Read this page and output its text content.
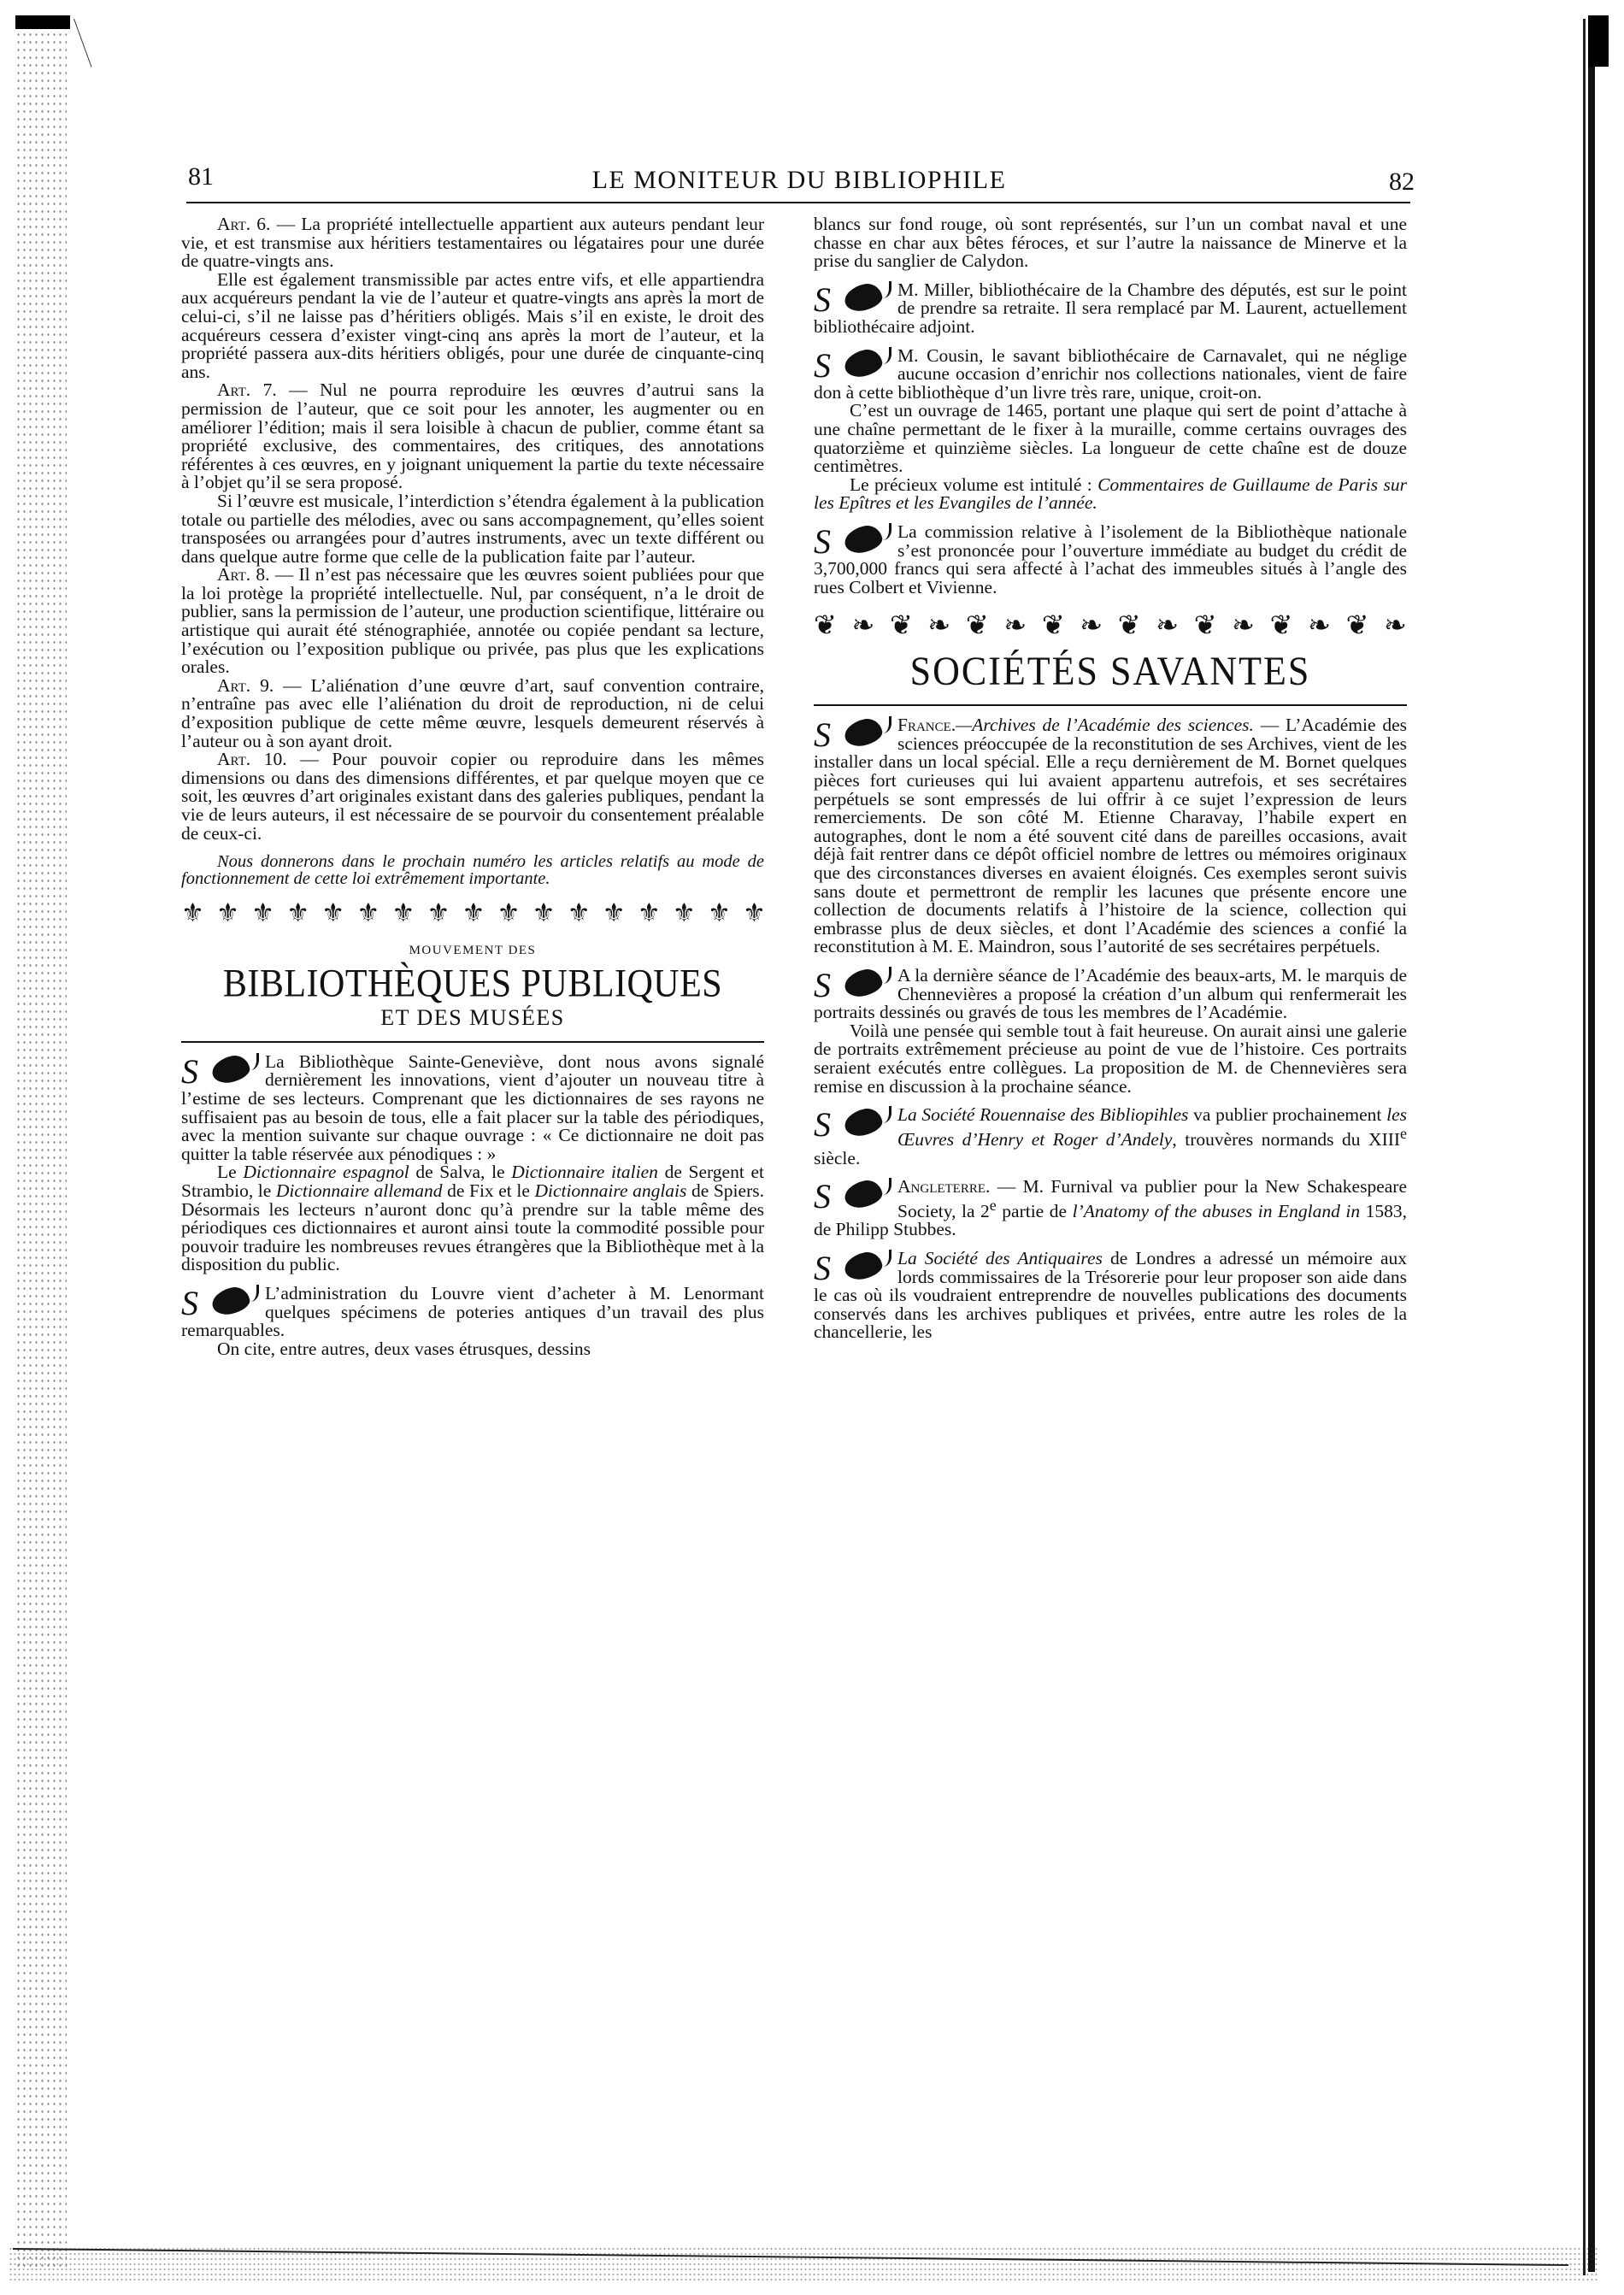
81	LE MONITEUR DU BIBLIOPHILE	82

Art. 6. — La propriété intellectuelle appartient aux auteurs pendant leur vie, et est transmise aux héritiers testamentaires ou légataires pour une durée de quatre-vingts ans.

Elle est également transmissible par actes entre vifs, et elle appartiendra aux acquéreurs pendant la vie de l’auteur et quatre-vingts ans après la mort de celui-ci, s’il ne laisse pas d’héritiers obligés. Mais s’il en existe, le droit des acquéreurs cessera d’exister vingt-cinq ans après la mort de l’auteur, et la propriété passera aux-dits héritiers obligés, pour une durée de cinquante-cinq ans.

Art. 7. — Nul ne pourra reproduire les œuvres d’autrui sans la permission de l’auteur, que ce soit pour les annoter, les augmenter ou en améliorer l’édition; mais il sera loisible à chacun de publier, comme étant sa propriété exclusive, des commentaires, des critiques, des annotations référentes à ces œuvres, en y joignant uniquement la partie du texte nécessaire à l’objet qu’il se sera proposé.

Si l’œuvre est musicale, l’interdiction s’étendra également à la publication totale ou partielle des mélodies, avec ou sans accompagnement, qu’elles soient transposées ou arrangées pour d’autres instruments, avec un texte différent ou dans quelque autre forme que celle de la publication faite par l’auteur.

Art. 8. — Il n’est pas nécessaire que les œuvres soient publiées pour que la loi protège la propriété intellectuelle. Nul, par conséquent, n’a le droit de publier, sans la permission de l’auteur, une production scientifique, littéraire ou artistique qui aurait été sténographiée, annotée ou copiée pendant sa lecture, l’exécution ou l’exposition publique ou privée, pas plus que les explications orales.

Art. 9. — L’aliénation d’une œuvre d’art, sauf convention contraire, n’entraîne pas avec elle l’aliénation du droit de reproduction, ni de celui d’exposition publique de cette même œuvre, lesquels demeurent réservés à l’auteur ou à son ayant droit.

Art. 10. — Pour pouvoir copier ou reproduire dans les mêmes dimensions ou dans des dimensions différentes, et par quelque moyen que ce soit, les œuvres d’art originales existant dans des galeries publiques, pendant la vie de leurs auteurs, il est nécessaire de se pourvoir du consentement préalable de ceux-ci.

Nous donnerons dans le prochain numéro les articles relatifs au mode de fonctionnement de cette loi extrêmement importante.

⚜ ⚜ ⚜ ⚜ ⚜ ⚜ ⚜ ⚜ ⚜ ⚜ ⚜ ⚜ ⚜ ⚜ ⚜ ⚜ ⚜
MOUVEMENT DES
BIBLIOTHÈQUES PUBLIQUES
ET DES MUSÉES
S	La Bibliothèque Sainte-Geneviève, dont nous avons signalé dernièrement les innovations, vient d’ajouter un nouveau titre à l’estime de ses lecteurs. Comprenant que les dictionnaires de ses rayons ne suffisaient pas au besoin de tous, elle a fait placer sur la table des périodiques, avec la mention suivante sur chaque ouvrage : « Ce dictionnaire ne doit pas quitter la table réservée aux pénodiques : »

Le Dictionnaire espagnol de Salva, le Dictionnaire italien de Sergent et Strambio, le Dictionnaire allemand de Fix et le Dictionnaire anglais de Spiers. Désormais les lecteurs n’auront donc qu’à prendre sur la table même des périodiques ces dictionnaires et auront ainsi toute la commodité possible pour pouvoir traduire les nombreuses revues étrangères que la Bibliothèque met à la disposition du public.

S	L’administration du Louvre vient d’acheter à M. Lenormant quelques spécimens de poteries antiques d’un travail des plus remarquables.

On cite, entre autres, deux vases étrusques, dessins

blancs sur fond rouge, où sont représentés, sur l’un un combat naval et une chasse en char aux bêtes féroces, et sur l’autre la naissance de Minerve et la prise du sanglier de Calydon.

S	M. Miller, bibliothécaire de la Chambre des députés, est sur le point de prendre sa retraite. Il sera remplacé par M. Laurent, actuellement bibliothécaire adjoint.

S	M. Cousin, le savant bibliothécaire de Carnavalet, qui ne néglige aucune occasion d’enrichir nos collections nationales, vient de faire don à cette bibliothèque d’un livre très rare, unique, croit-on.

C’est un ouvrage de 1465, portant une plaque qui sert de point d’attache à une chaîne permettant de le fixer à la muraille, comme certains ouvrages des quatorzième et quinzième siècles. La longueur de cette chaîne est de douze centimètres.

Le précieux volume est intitulé : Commentaires de Guillaume de Paris sur les Epîtres et les Evangiles de l’année.

S	La commission relative à l’isolement de la Bibliothèque nationale s’est prononcée pour l’ouverture immédiate au budget du crédit de 3,700,000 francs qui sera affecté à l’achat des immeubles situés à l’angle des rues Colbert et Vivienne.

❦ ❧ ❦ ❧ ❦ ❧ ❦ ❧ ❦ ❧ ❦ ❧ ❦ ❧ ❦ ❧
SOCIÉTÉS SAVANTES
S	France.—Archives de l’Académie des sciences. — L’Académie des sciences préoccupée de la reconstitution de ses Archives, vient de les installer dans un local spécial. Elle a reçu dernièrement de M. Bornet quelques pièces fort curieuses qui lui avaient appartenu autrefois, et ses secrétaires perpétuels se sont empressés de lui offrir à ce sujet l’expression de leurs remerciements. De son côté M. Etienne Charavay, l’habile expert en autographes, dont le nom a été souvent cité dans de pareilles occasions, avait déjà fait rentrer dans ce dépôt officiel nombre de lettres ou mémoires originaux que des circonstances diverses en avaient éloignés. Ces exemples seront suivis sans doute et permettront de remplir les lacunes que présente encore une collection de documents relatifs à l’histoire de la science, collection qui embrasse plus de deux siècles, et dont l’Académie des sciences a confié la reconstitution à M. E. Maindron, sous l’autorité de ses secrétaires perpétuels.

S	A la dernière séance de l’Académie des beaux-arts, M. le marquis de Chennevières a proposé la création d’un album qui renfermerait les portraits dessinés ou gravés de tous les membres de l’Académie.

Voilà une pensée qui semble tout à fait heureuse. On aurait ainsi une galerie de portraits extrêmement précieuse au point de vue de l’histoire. Ces portraits seraient exécutés entre collègues. La proposition de M. de Chennevières sera remise en discussion à la prochaine séance.

S	La Société Rouennaise des Bibliopihles va publier prochainement les Œuvres d’Henry et Roger d’Andely, trouvères normands du XIIIe siècle.

S	Angleterre. — M. Furnival va publier pour la New Schakespeare Society, la 2e partie de l’Anatomy of the abuses in England in 1583, de Philipp Stubbes.

S	La Société des Antiquaires de Londres a adressé un mémoire aux lords commissaires de la Trésorerie pour leur proposer son aide dans le cas où ils voudraient entreprendre de nouvelles publications des documents conservés dans les archives publiques et privées, entre autre les roles de la chancellerie, les
